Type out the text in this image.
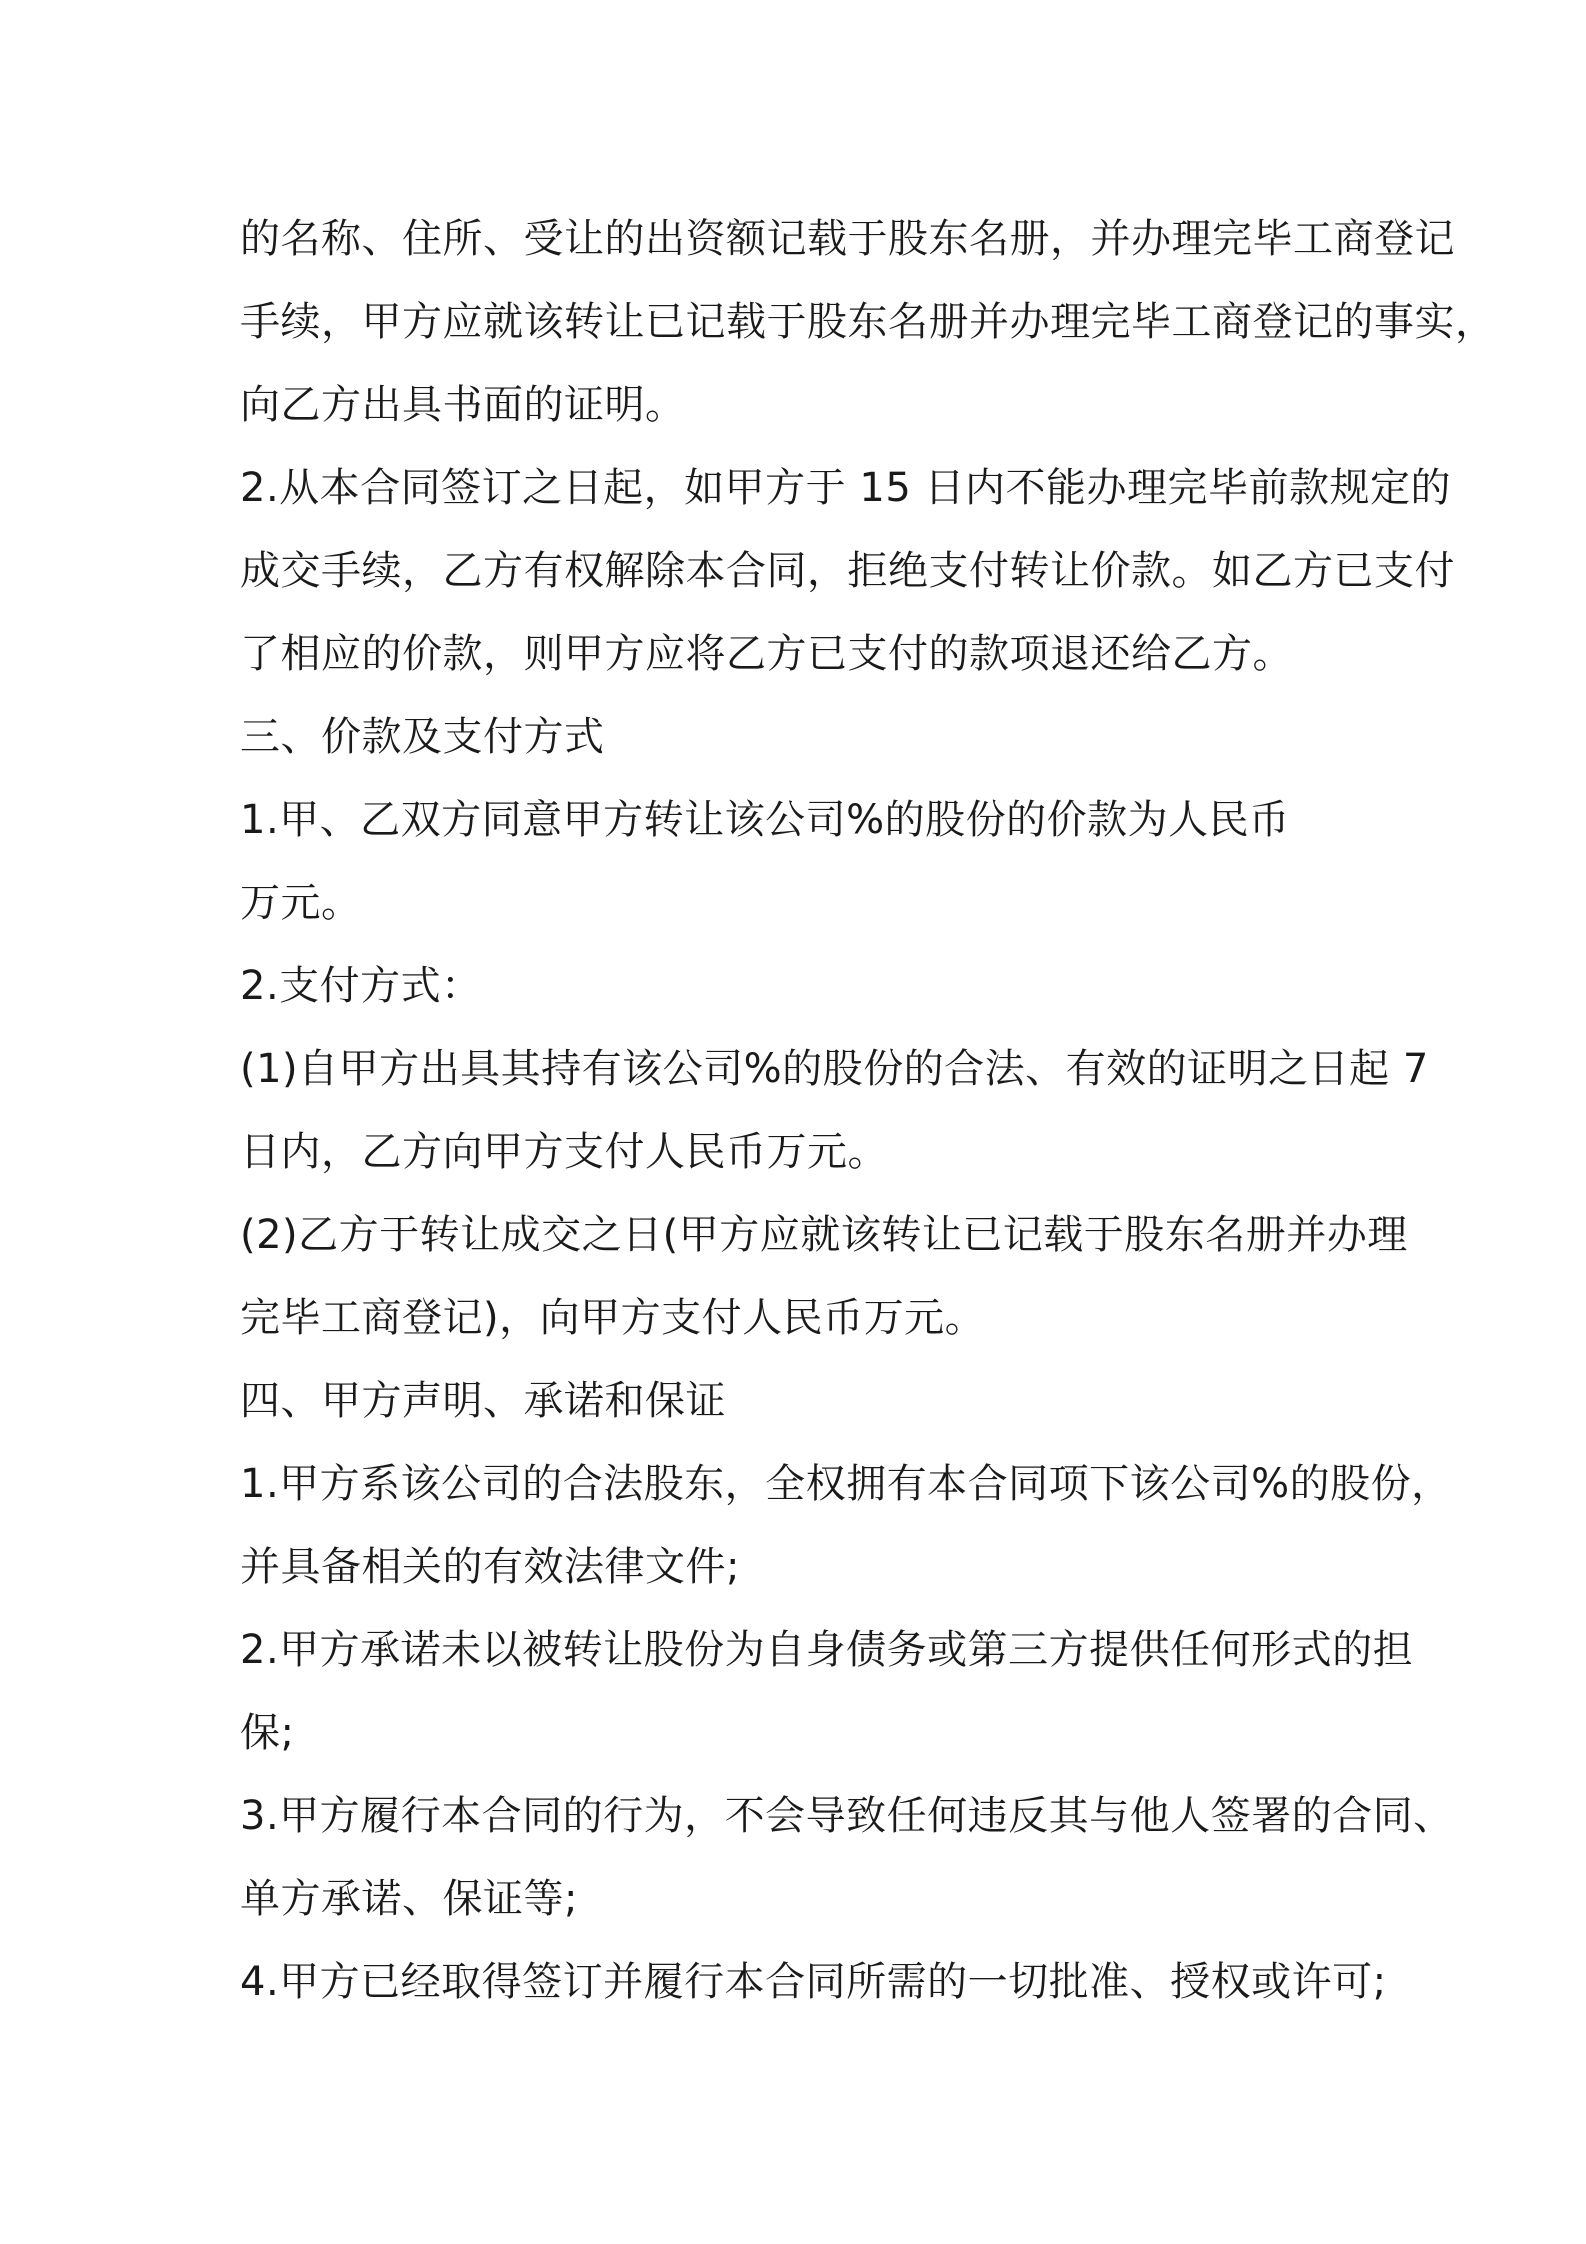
的名称、住所、受让的出资额记载于股东名册，并办理完毕工商登记
手续，甲方应就该转让已记载于股东名册并办理完毕工商登记的事实，
向乙方出具书面的证明。
2.从本合同签订之日起，如甲方于 15 日内不能办理完毕前款规定的
成交手续，乙方有权解除本合同，拒绝支付转让价款。如乙方已支付
了相应的价款，则甲方应将乙方已支付的款项退还给乙方。
三、价款及支付方式
1.甲、乙双方同意甲方转让该公司%的股份的价款为人民币
万元。
2.支付方式：
(1)自甲方出具其持有该公司%的股份的合法、有效的证明之日起 7
日内，乙方向甲方支付人民币万元。
(2)乙方于转让成交之日(甲方应就该转让已记载于股东名册并办理
完毕工商登记)，向甲方支付人民币万元。
四、甲方声明、承诺和保证
1.甲方系该公司的合法股东，全权拥有本合同项下该公司%的股份，
并具备相关的有效法律文件;
2.甲方承诺未以被转让股份为自身债务或第三方提供任何形式的担
保;
3.甲方履行本合同的行为，不会导致任何违反其与他人签署的合同、
单方承诺、保证等;
4.甲方已经取得签订并履行本合同所需的一切批准、授权或许可;
